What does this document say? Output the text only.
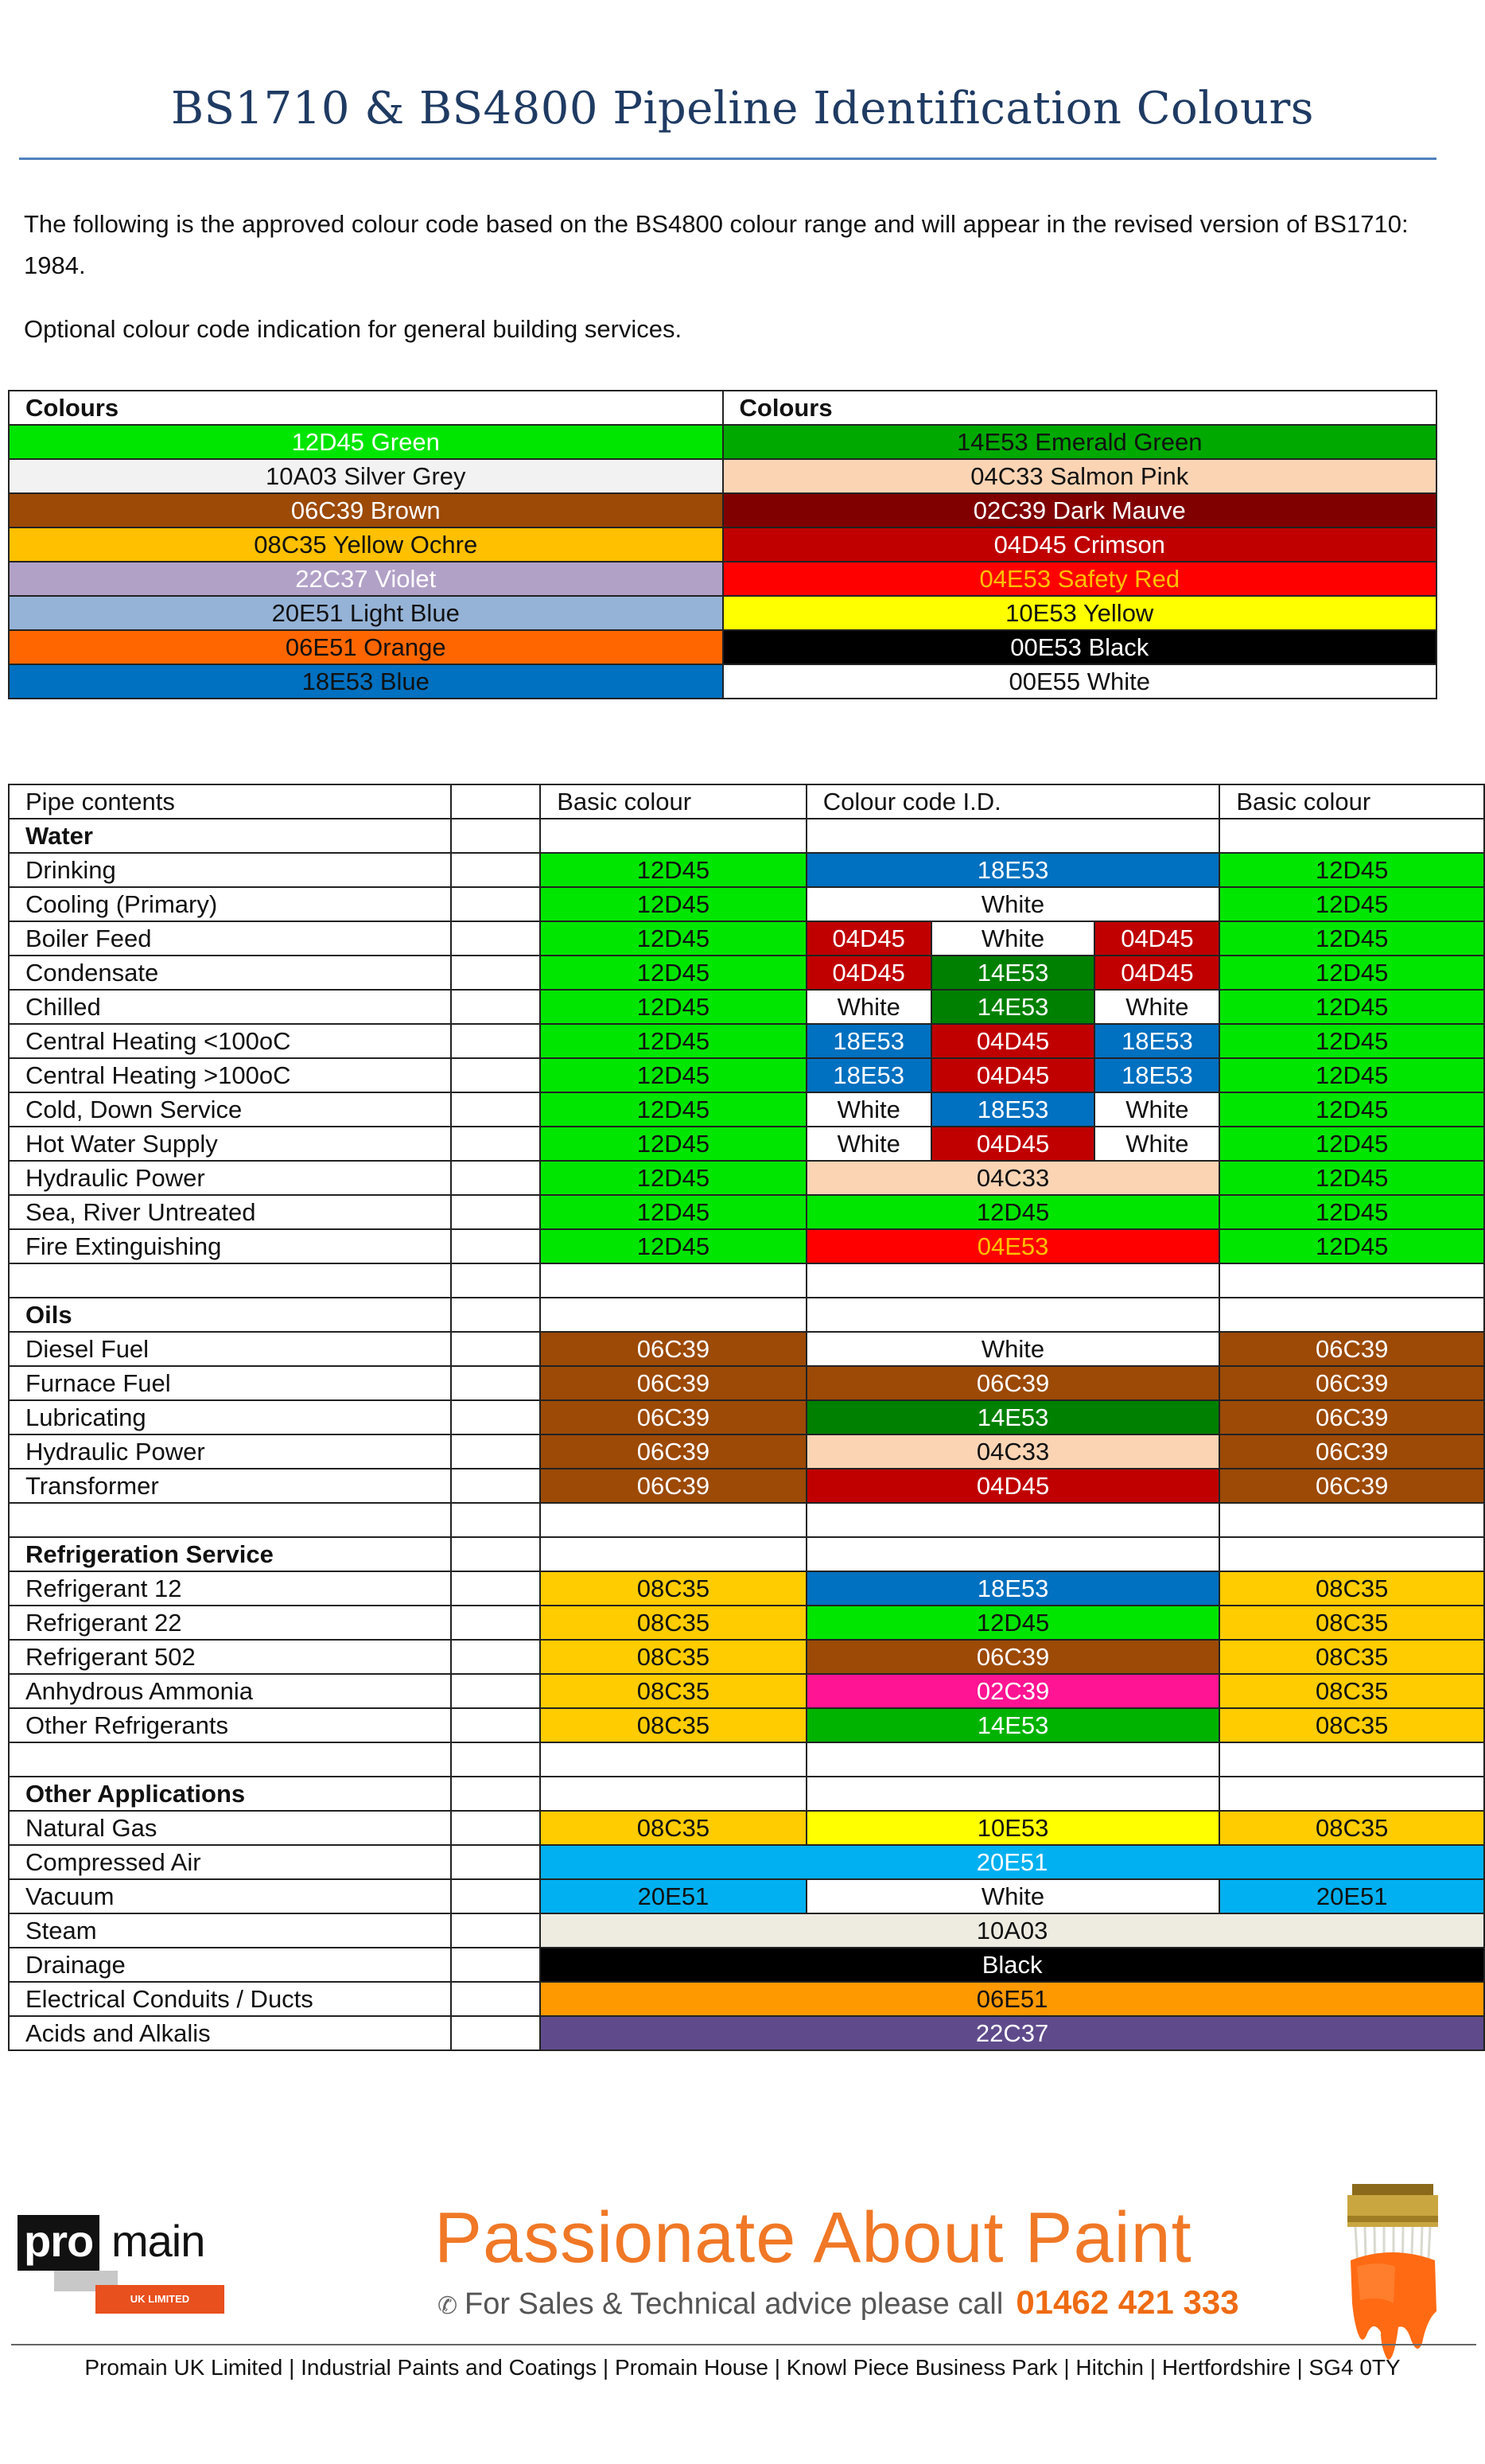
BS1710 & BS4800 Pipeline Identification Colours
The following is the approved colour code based on the BS4800 colour range and will appear in the revised version of BS1710: 1984.
Optional colour code indication for general building services.
Colours	Colours
12D45 Green	14E53 Emerald Green
10A03 Silver Grey	04C33 Salmon Pink
06C39 Brown	02C39 Dark Mauve
08C35 Yellow Ochre	04D45 Crimson
22C37 Violet	04E53 Safety Red
20E51 Light Blue	10E53 Yellow
06E51 Orange	00E53 Black
18E53 Blue	00E55 White
Pipe contents		Basic colour	Colour code I.D.			Basic colour
Water						
Drinking		12D45	18E53			12D45
Cooling (Primary)		12D45	White			12D45
Boiler Feed		12D45	04D45	White	04D45	12D45
Condensate		12D45	04D45	14E53	04D45	12D45
Chilled		12D45	White	14E53	White	12D45
Central Heating <100oC		12D45	18E53	04D45	18E53	12D45
Central Heating >100oC		12D45	18E53	04D45	18E53	12D45
Cold, Down Service		12D45	White	18E53	White	12D45
Hot Water Supply		12D45	White	04D45	White	12D45
Hydraulic Power		12D45	04C33			12D45
Sea, River Untreated		12D45	12D45			12D45
Fire Extinguishing		12D45	04E53			12D45

Oils						
Diesel Fuel		06C39	White			06C39
Furnace Fuel		06C39	06C39			06C39
Lubricating		06C39	14E53			06C39
Hydraulic Power		06C39	04C33			06C39
Transformer		06C39	04D45			06C39

Refrigeration Service						
Refrigerant 12		08C35	18E53			08C35
Refrigerant 22		08C35	12D45			08C35
Refrigerant 502		08C35	06C39			08C35
Anhydrous Ammonia		08C35	02C39			08C35
Other Refrigerants		08C35	14E53			08C35

Other Applications						
Natural Gas		08C35	10E53			08C35
Compressed Air		20E51				
Vacuum		20E51	White			20E51
Steam		10A03				
Drainage		Black				
Electrical Conduits / Ducts		06E51				
Acids and Alkalis		22C37				
pro main
UK LIMITED
Passionate About Paint
✆ For Sales & Technical advice please call 01462 421 333
Promain UK Limited | Industrial Paints and Coatings | Promain House | Knowl Piece Business Park | Hitchin | Hertfordshire | SG4 0TY
